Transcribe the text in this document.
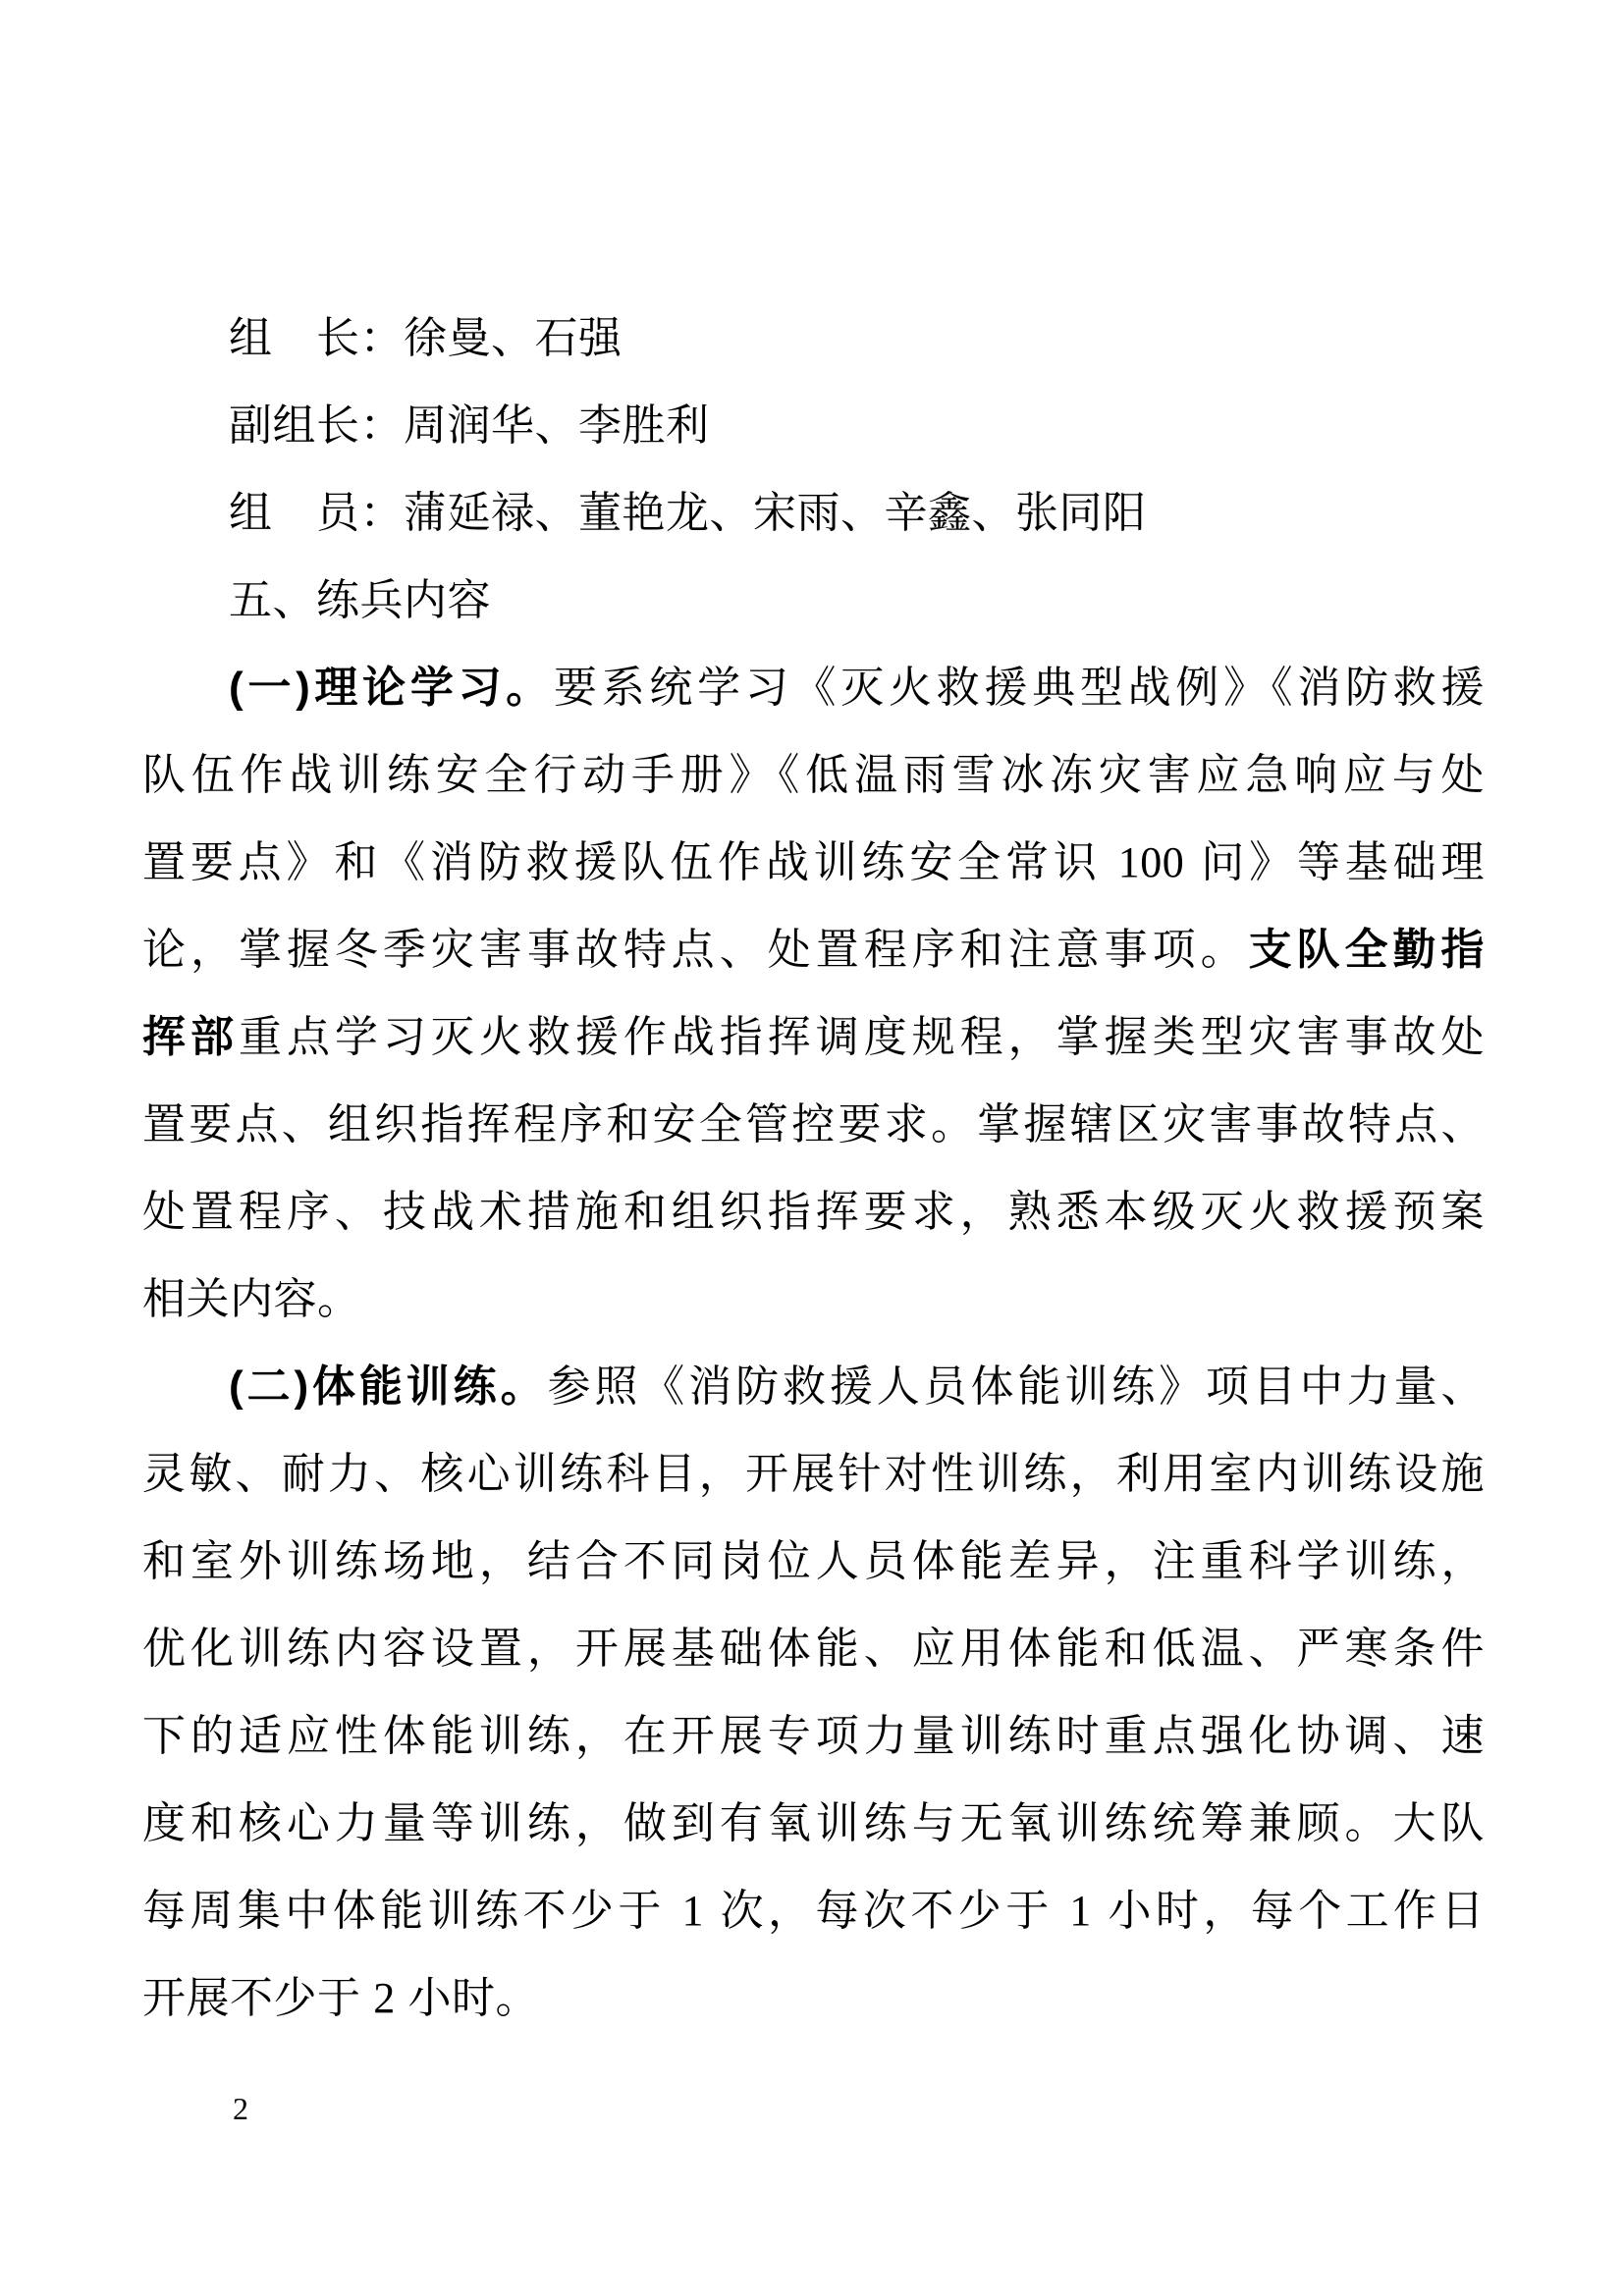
组　长：徐曼、石强
副组长：周润华、李胜利
组　员：蒲延禄、董艳龙、宋雨、辛鑫、张同阳
五、练兵内容
(一)理论学习。要系统学习《灭火救援典型战例》《消防救援
队伍作战训练安全行动手册》《低温雨雪冰冻灾害应急响应与处
置要点》和《消防救援队伍作战训练安全常识 100 问》等基础理
论，掌握冬季灾害事故特点、处置程序和注意事项。支队全勤指
挥部重点学习灭火救援作战指挥调度规程，掌握类型灾害事故处
置要点、组织指挥程序和安全管控要求。掌握辖区灾害事故特点、
处置程序、技战术措施和组织指挥要求，熟悉本级灭火救援预案
相关内容。
(二)体能训练。参照《消防救援人员体能训练》项目中力量、
灵敏、耐力、核心训练科目，开展针对性训练，利用室内训练设施
和室外训练场地，结合不同岗位人员体能差异，注重科学训练，
优化训练内容设置，开展基础体能、应用体能和低温、严寒条件
下的适应性体能训练，在开展专项力量训练时重点强化协调、速
度和核心力量等训练，做到有氧训练与无氧训练统筹兼顾。大队
每周集中体能训练不少于 1 次，每次不少于 1 小时，每个工作日
开展不少于 2 小时。
2
